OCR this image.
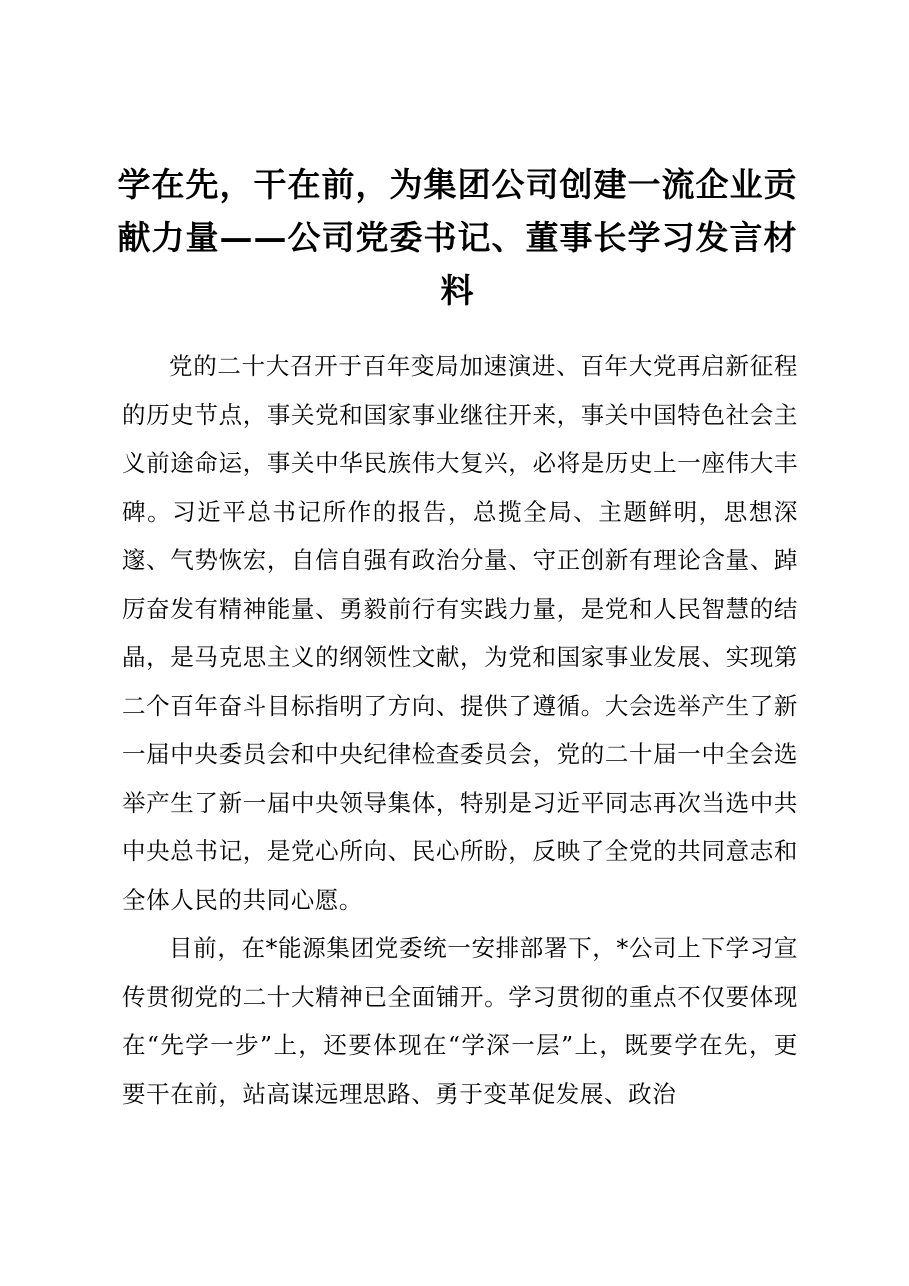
学在先，干在前，为集团公司创建一流企业贡献力量——公司党委书记、董事长学习发言材料

党的二十大召开于百年变局加速演进、百年大党再启新征程的历史节点，事关党和国家事业继往开来，事关中国特色社会主义前途命运，事关中华民族伟大复兴，必将是历史上一座伟大丰碑。习近平总书记所作的报告，总揽全局、主题鲜明，思想深邃、气势恢宏，自信自强有政治分量、守正创新有理论含量、踔厉奋发有精神能量、勇毅前行有实践力量，是党和人民智慧的结晶，是马克思主义的纲领性文献，为党和国家事业发展、实现第二个百年奋斗目标指明了方向、提供了遵循。大会选举产生了新一届中央委员会和中央纪律检查委员会，党的二十届一中全会选举产生了新一届中央领导集体，特别是习近平同志再次当选中共中央总书记，是党心所向、民心所盼，反映了全党的共同意志和全体人民的共同心愿。

目前，在*能源集团党委统一安排部署下，*公司上下学习宣传贯彻党的二十大精神已全面铺开。学习贯彻的重点不仅要体现在“先学一步”上，还要体现在“学深一层”上，既要学在先，更要干在前，站高谋远理思路、勇于变革促发展、政治
